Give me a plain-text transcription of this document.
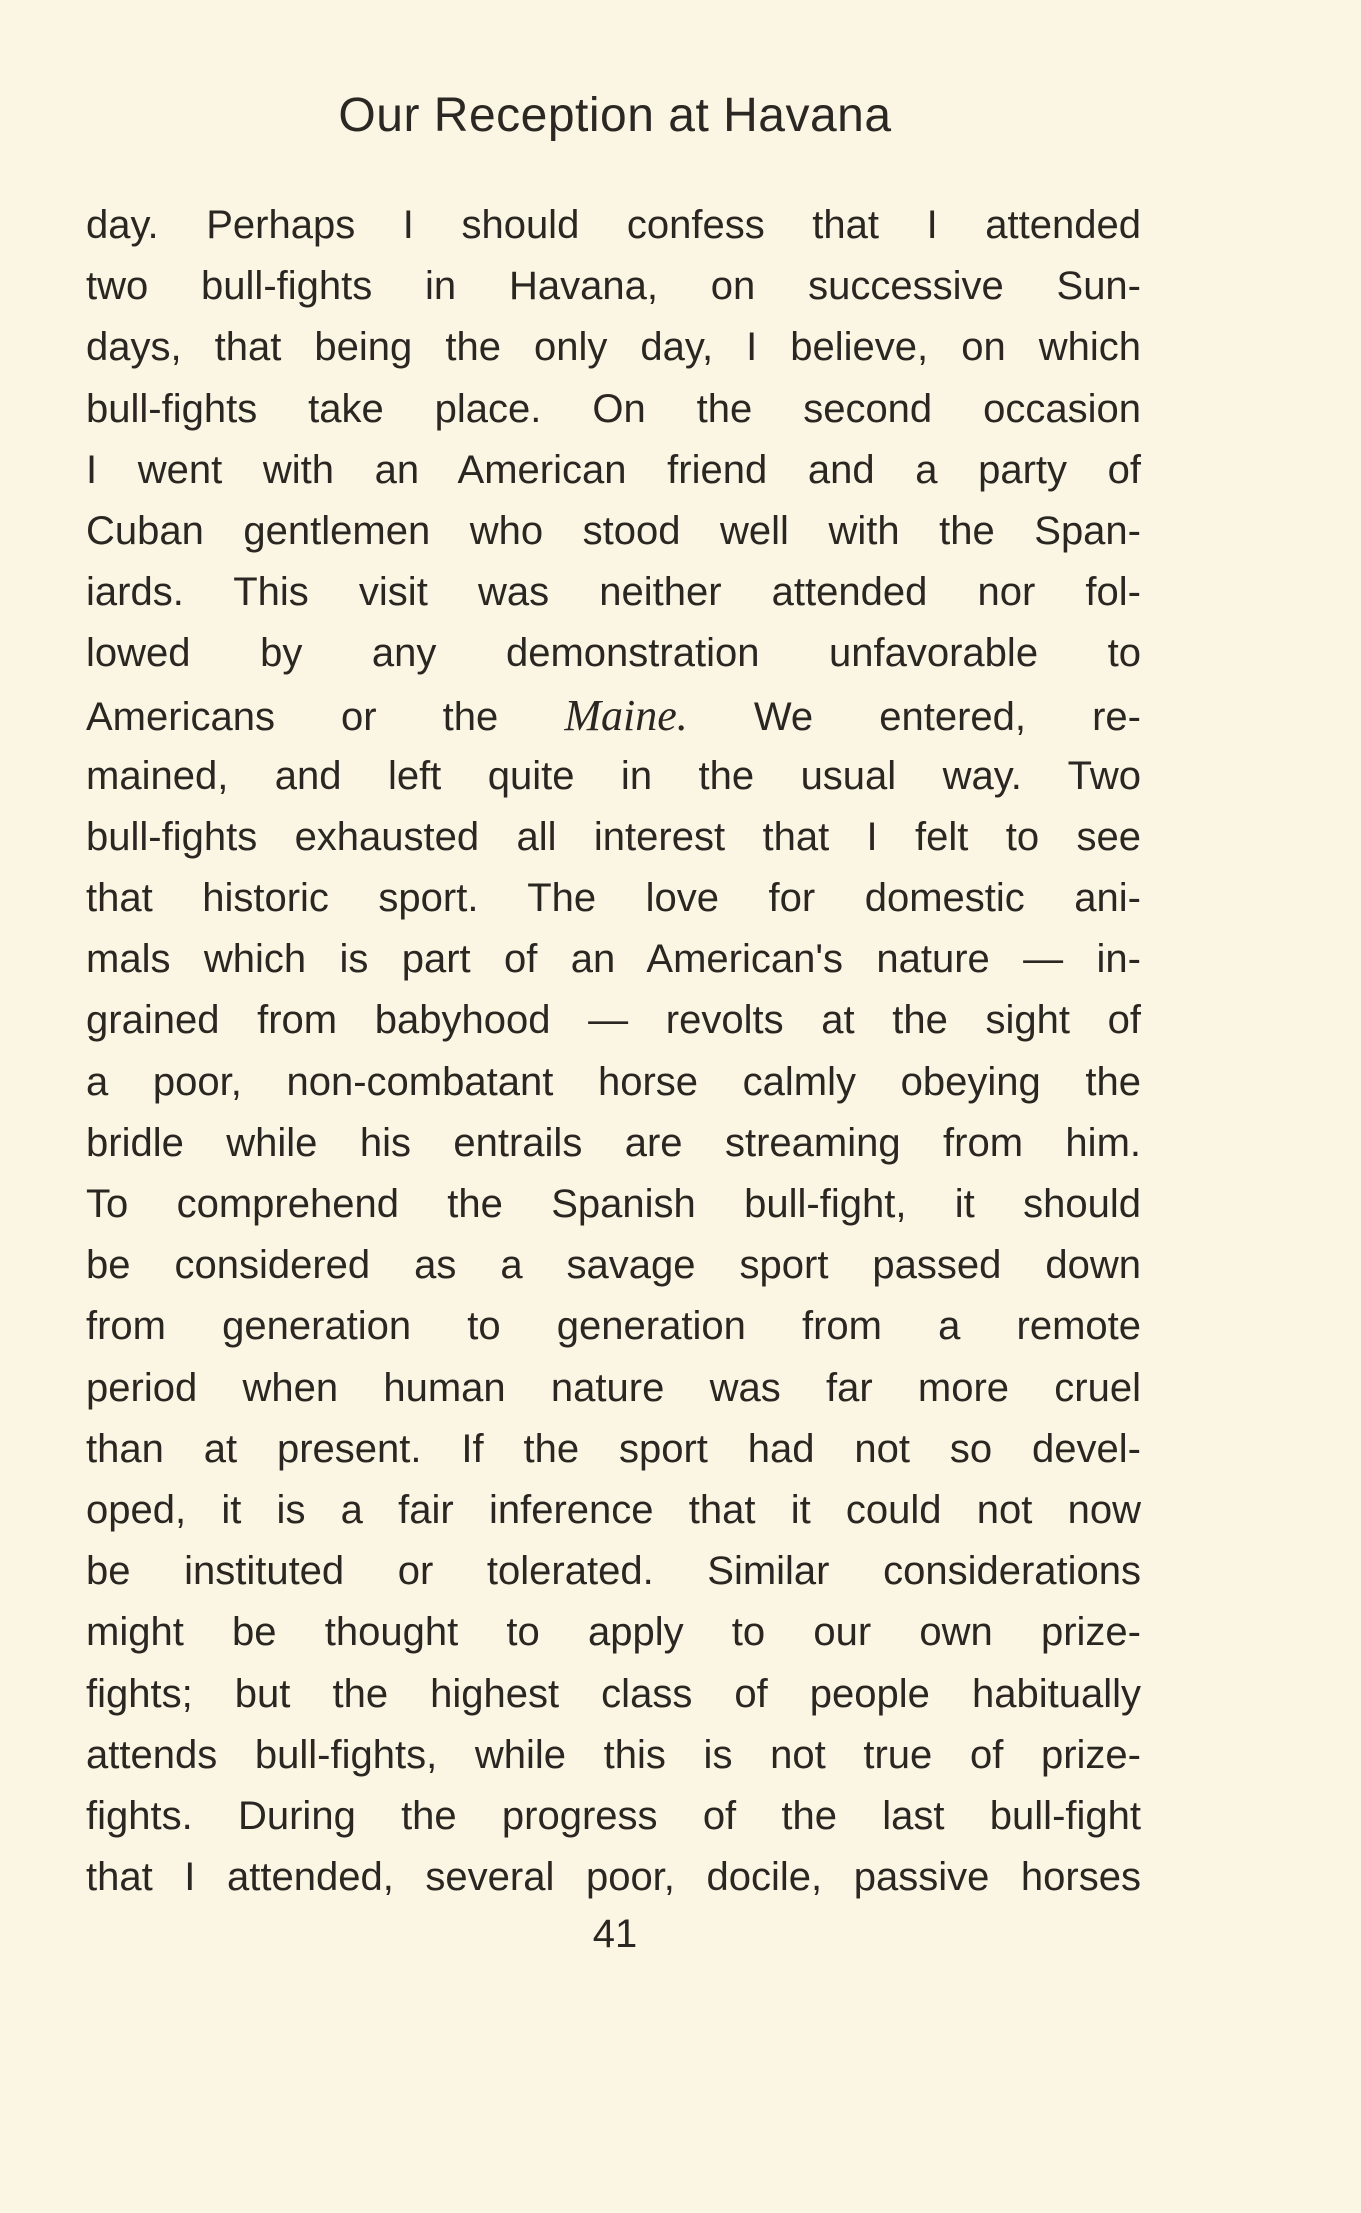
Our Reception at Havana
day. Perhaps I should confess that I attended
two bull-fights in Havana, on successive Sun-
days, that being the only day, I believe, on which
bull-fights take place. On the second occasion
I went with an American friend and a party of
Cuban gentlemen who stood well with the Span-
iards. This visit was neither attended nor fol-
lowed by any demonstration unfavorable to
Americans or the Maine. We entered, re-
mained, and left quite in the usual way. Two
bull-fights exhausted all interest that I felt to see
that historic sport. The love for domestic ani-
mals which is part of an American's nature — in-
grained from babyhood — revolts at the sight of
a poor, non-combatant horse calmly obeying the
bridle while his entrails are streaming from him.
To comprehend the Spanish bull-fight, it should
be considered as a savage sport passed down
from generation to generation from a remote
period when human nature was far more cruel
than at present. If the sport had not so devel-
oped, it is a fair inference that it could not now
be instituted or tolerated. Similar considerations
might be thought to apply to our own prize-
fights; but the highest class of people habitually
attends bull-fights, while this is not true of prize-
fights. During the progress of the last bull-fight
that I attended, several poor, docile, passive horses
41
